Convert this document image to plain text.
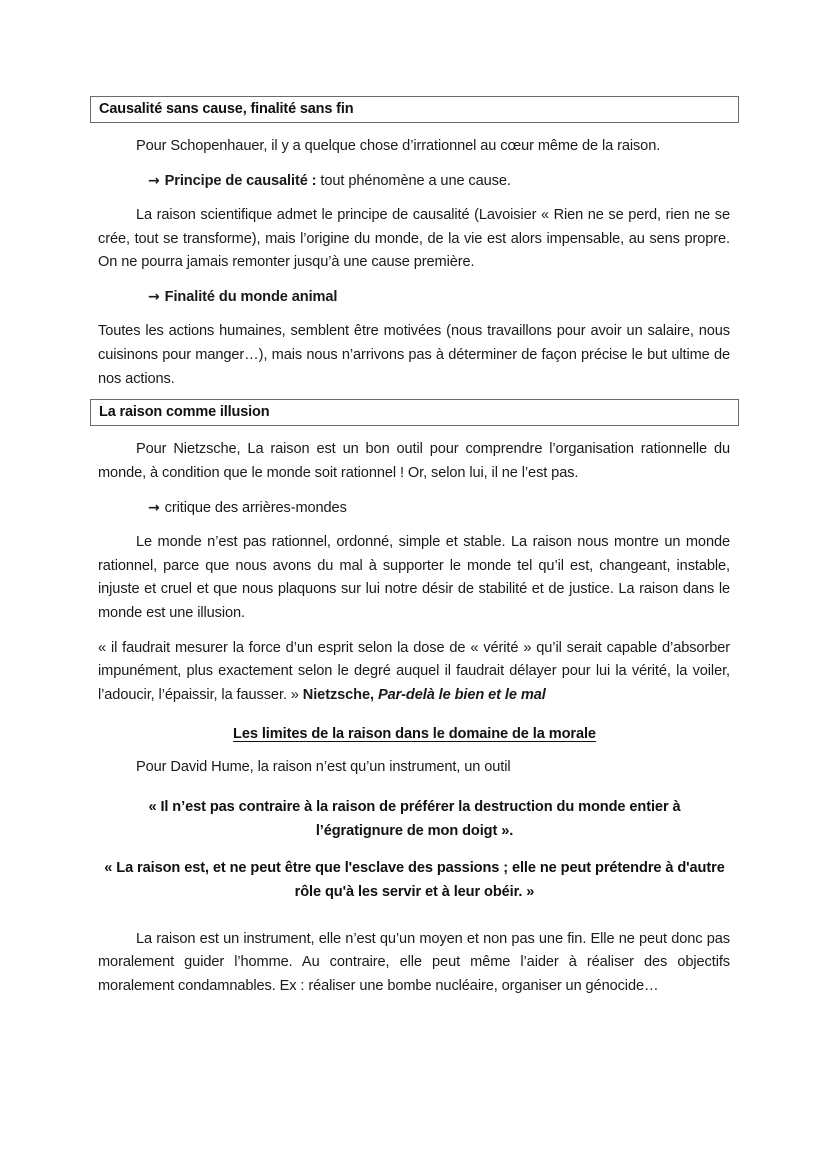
Causalité sans cause, finalité sans fin

Pour Schopenhauer, il y a quelque chose d’irrationnel au cœur même de la raison.

→ Principe de causalité : tout phénomène a une cause.

La raison scientifique admet le principe de causalité (Lavoisier « Rien ne se perd, rien ne se crée, tout se transforme), mais l’origine du monde, de la vie est alors impensable, au sens propre. On ne pourra jamais remonter jusqu’à une cause première.

→ Finalité du monde animal

Toutes les actions humaines, semblent être motivées (nous travaillons pour avoir un salaire, nous cuisinons pour manger…), mais nous n’arrivons pas à déterminer de façon précise le but ultime de nos actions.

La raison comme illusion

Pour Nietzsche, La raison est un bon outil pour comprendre l’organisation rationnelle du monde, à condition que le monde soit rationnel ! Or, selon lui, il ne l’est pas.

→ critique des arrières-mondes

Le monde n’est pas rationnel, ordonné, simple et stable. La raison nous montre un monde rationnel, parce que nous avons du mal à supporter le monde tel qu’il est, changeant, instable, injuste et cruel et que nous plaquons sur lui notre désir de stabilité et de justice. La raison dans le monde est une illusion.

« il faudrait mesurer la force d’un esprit selon la dose de « vérité » qu’il serait capable d’absorber impunément, plus exactement selon le degré auquel il faudrait délayer pour lui la vérité, la voiler, l’adoucir, l’épaissir, la fausser. » Nietzsche, Par-delà le bien et le mal

Les limites de la raison dans le domaine de la morale

Pour David Hume, la raison n’est qu’un instrument, un outil

« Il n’est pas contraire à la raison de préférer la destruction du monde entier à l’égratignure de mon doigt ».
« La raison est, et ne peut être que l'esclave des passions ; elle ne peut prétendre à d'autre rôle qu'à les servir et à leur obéir. »

La raison est un instrument, elle n’est qu’un moyen et non pas une fin. Elle ne peut donc pas moralement guider l’homme. Au contraire, elle peut même l’aider à réaliser des objectifs moralement condamnables. Ex : réaliser une bombe nucléaire, organiser un génocide…
